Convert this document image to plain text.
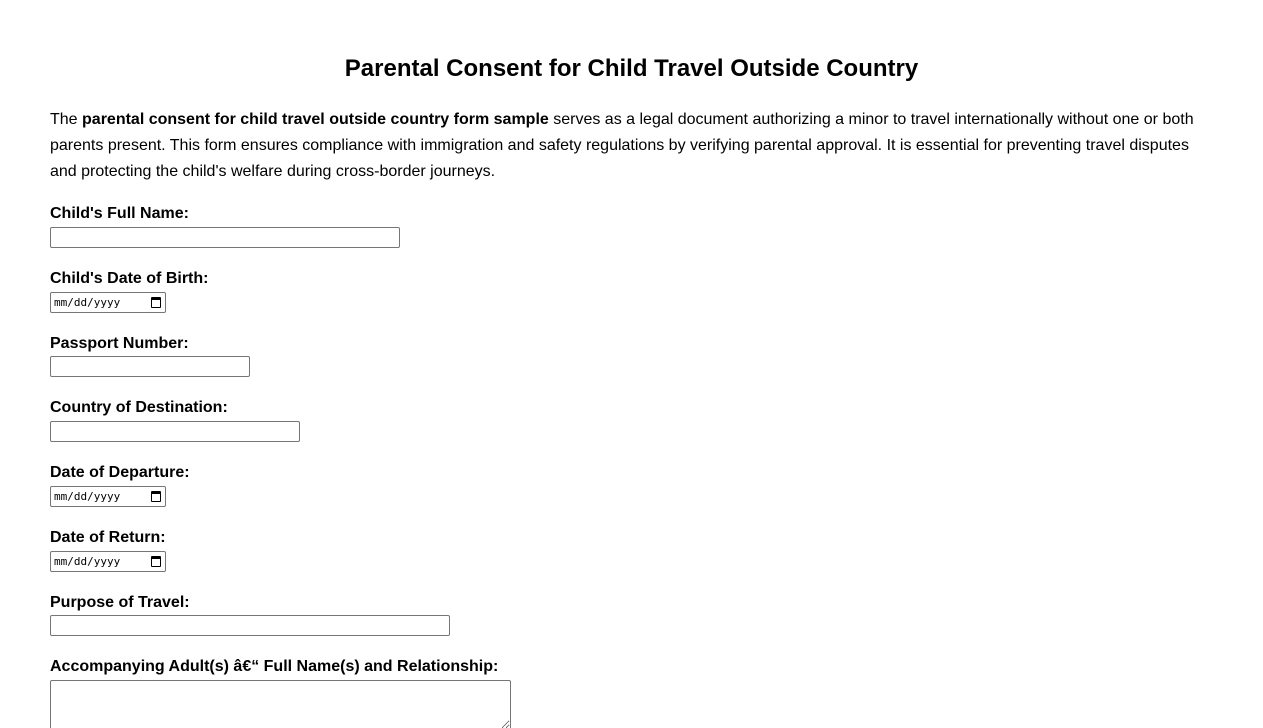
Parental Consent for Child Travel Outside Country

The parental consent for child travel outside country form sample serves as a legal document authorizing a minor to travel internationally without one or both parents present. This form ensures compliance with immigration and safety regulations by verifying parental approval. It is essential for preventing travel disputes and protecting the child's welfare during cross-border journeys.

Child's Full Name:
Child's Date of Birth:
mm/dd/yyyy
Passport Number:
Country of Destination:
Date of Departure:
mm/dd/yyyy
Date of Return:
mm/dd/yyyy
Purpose of Travel:
Accompanying Adult(s) â€“ Full Name(s) and Relationship:
